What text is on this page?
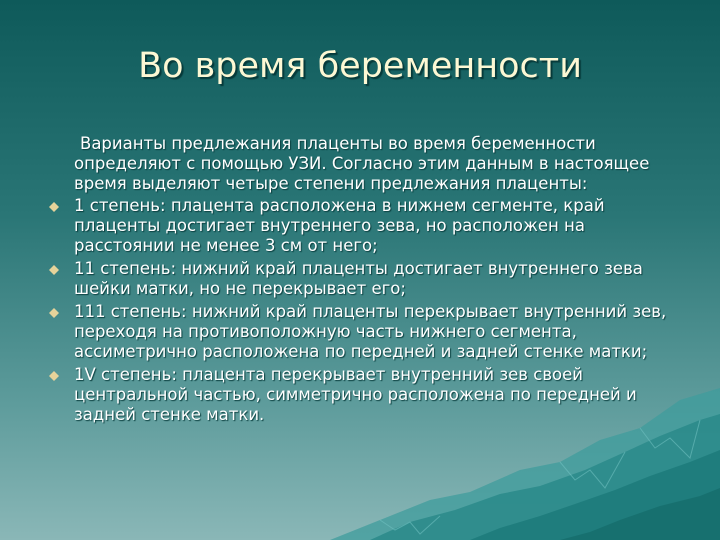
Во время беременности

Варианты предлежания плаценты во время беременности определяют с помощью УЗИ. Согласно этим данным в настоящее время выделяют четыре степени предлежания плаценты:

1 степень: плацента расположена в нижнем сегменте, край плаценты достигает внутреннего зева, но расположен на расстоянии не менее 3 см от него;
11 степень: нижний край плаценты достигает внутреннего зева шейки матки, но не перекрывает его;
111 степень: нижний край плаценты перекрывает внутренний зев, переходя на противоположную часть нижнего сегмента, ассиметрично расположена по передней и задней стенке матки;
1V степень: плацента перекрывает внутренний зев своей центральной частью, симметрично расположена по передней и задней стенке матки.
